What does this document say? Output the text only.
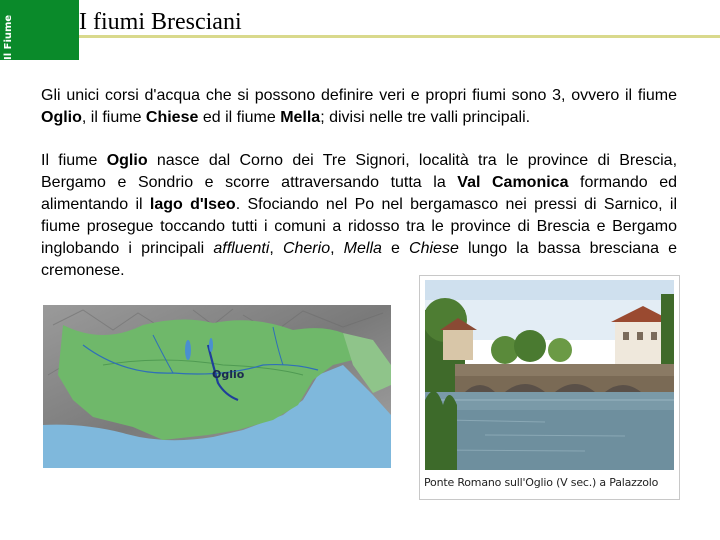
Il Fiume	I fiumi Bresciani

Gli unici corsi d'acqua che si possono definire veri e propri fiumi sono 3, ovvero il fiume Oglio, il fiume Chiese ed il fiume Mella; divisi nelle tre valli principali.

Il fiume Oglio nasce dal Corno dei Tre Signori, località tra le province di Brescia, Bergamo e Sondrio e scorre attraversando tutta la Val Camonica formando ed alimentando il lago d'Iseo. Sfociando nel Po nel bergamasco nei pressi di Sarnico, il fiume prosegue toccando tutti i comuni a ridosso tra le province di Brescia e Bergamo inglobando i principali affluenti, Cherio, Mella e Chiese lungo la bassa bresciana e cremonese.

Oglio
Ponte Romano sull'Oglio (V sec.) a Palazzolo
